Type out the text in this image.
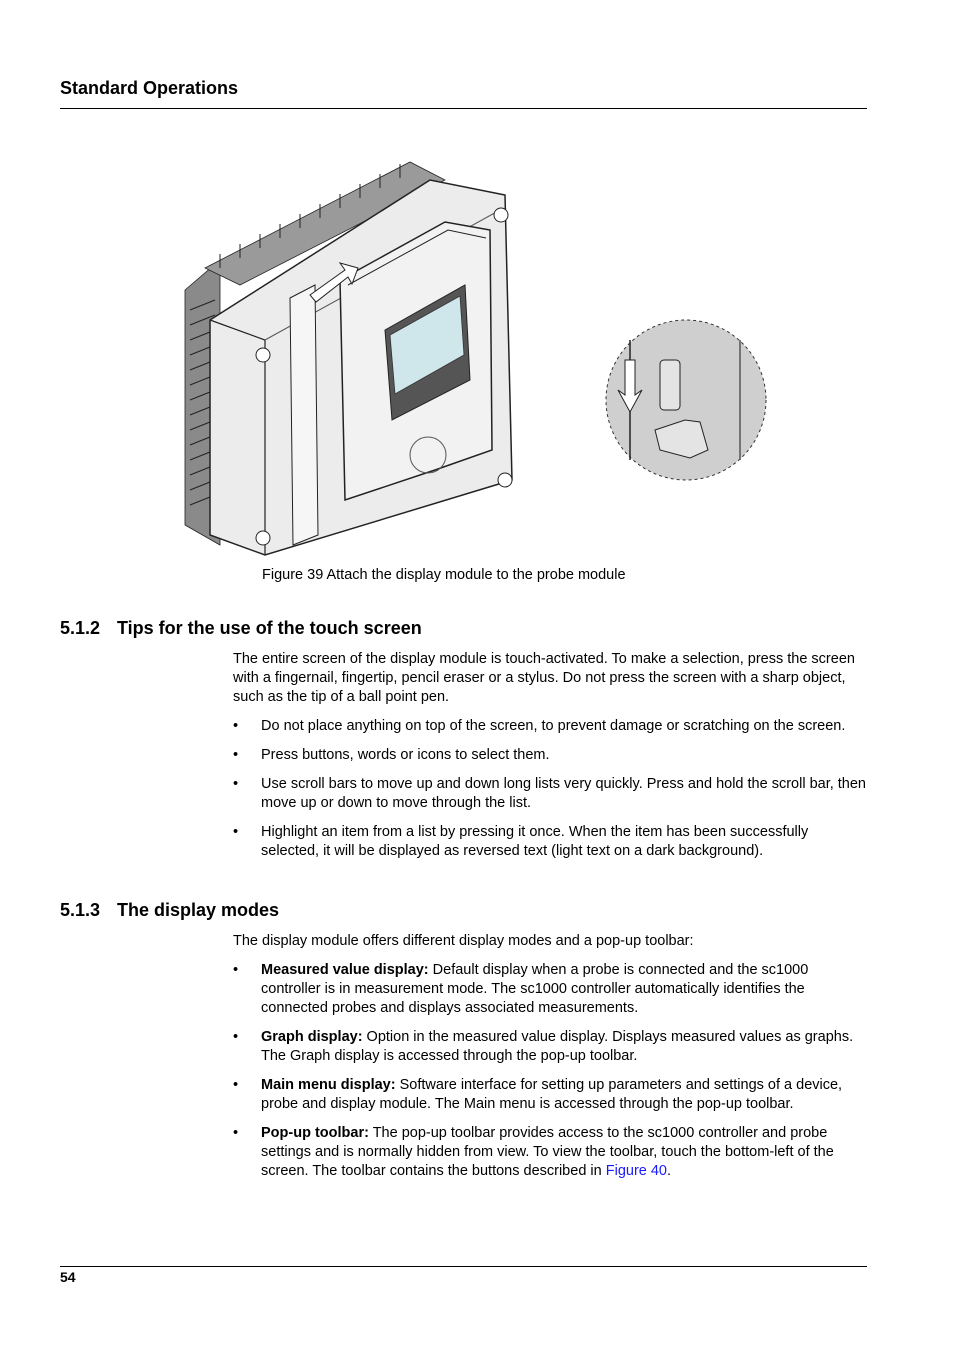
Standard Operations
Figure 39 Attach the display module to the probe module
5.1.2 Tips for the use of the touch screen

The entire screen of the display module is touch-activated. To make a selection, press the screen with a fingernail, fingertip, pencil eraser or a stylus. Do not press the screen with a sharp object, such as the tip of a ball point pen.

•	Do not place anything on top of the screen, to prevent damage or scratching on the screen.
•	Press buttons, words or icons to select them.
•	Use scroll bars to move up and down long lists very quickly. Press and hold the scroll bar, then move up or down to move through the list.
•	Highlight an item from a list by pressing it once. When the item has been successfully selected, it will be displayed as reversed text (light text on a dark background).
5.1.3 The display modes

The display module offers different display modes and a pop-up toolbar:

•	Measured value display: Default display when a probe is connected and the sc1000 controller is in measurement mode. The sc1000 controller automatically identifies the connected probes and displays associated measurements.
•	Graph display: Option in the measured value display. Displays measured values as graphs. The Graph display is accessed through the pop-up toolbar.
•	Main menu display: Software interface for setting up parameters and settings of a device, probe and display module. The Main menu is accessed through the pop-up toolbar.
•	Pop-up toolbar: The pop-up toolbar provides access to the sc1000 controller and probe settings and is normally hidden from view. To view the toolbar, touch the bottom-left of the screen. The toolbar contains the buttons described in Figure 40.
54
